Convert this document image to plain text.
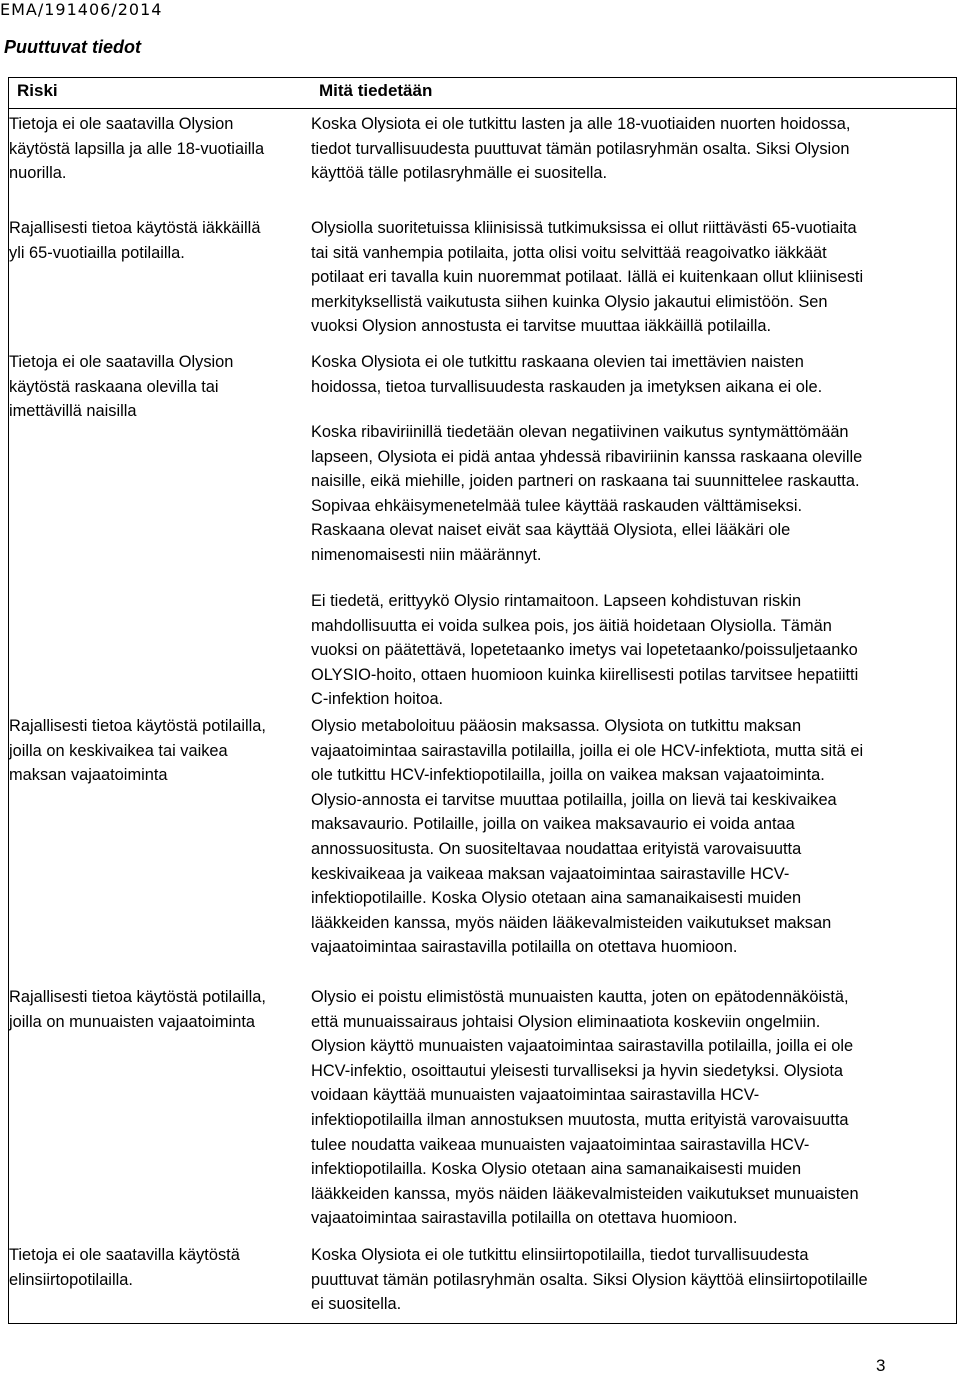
EMA/191406/2014
Puuttuvat tiedot
Riski	Mitä tiedetään

Tietoja ei ole saatavilla Olysion
käytöstä lapsilla ja alle 18-vuotiailla
nuorilla.

Koska Olysiota ei ole tutkittu lasten ja alle 18-vuotiaiden nuorten hoidossa,
tiedot turvallisuudesta puuttuvat tämän potilasryhmän osalta. Siksi Olysion
käyttöä tälle potilasryhmälle ei suositella.

Rajallisesti tietoa käytöstä iäkkäillä
yli 65-vuotiailla potilailla.

Olysiolla suoritetuissa kliinisissä tutkimuksissa ei ollut riittävästi 65-vuotiaita
tai sitä vanhempia potilaita, jotta olisi voitu selvittää reagoivatko iäkkäät
potilaat eri tavalla kuin nuoremmat potilaat. Iällä ei kuitenkaan ollut kliinisesti
merkityksellistä vaikutusta siihen kuinka Olysio jakautui elimistöön. Sen
vuoksi Olysion annostusta ei tarvitse muuttaa iäkkäillä potilailla.

Tietoja ei ole saatavilla Olysion
käytöstä raskaana olevilla tai
imettävillä naisilla

Koska Olysiota ei ole tutkittu raskaana olevien tai imettävien naisten
hoidossa, tietoa turvallisuudesta raskauden ja imetyksen aikana ei ole.

Koska ribaviriinillä tiedetään olevan negatiivinen vaikutus syntymättömään
lapseen, Olysiota ei pidä antaa yhdessä ribaviriinin kanssa raskaana oleville
naisille, eikä miehille, joiden partneri on raskaana tai suunnittelee raskautta.
Sopivaa ehkäisymenetelmää tulee käyttää raskauden välttämiseksi.
Raskaana olevat naiset eivät saa käyttää Olysiota, ellei lääkäri ole
nimenomaisesti niin määrännyt.

Ei tiedetä, erittyykö Olysio rintamaitoon. Lapseen kohdistuvan riskin
mahdollisuutta ei voida sulkea pois, jos äitiä hoidetaan Olysiolla. Tämän
vuoksi on päätettävä, lopetetaanko imetys vai lopetetaanko/poissuljetaanko
OLYSIO-hoito, ottaen huomioon kuinka kiirellisesti potilas tarvitsee hepatiitti
C-infektion hoitoa.

Rajallisesti tietoa käytöstä potilailla,
joilla on keskivaikea tai vaikea
maksan vajaatoiminta

Olysio metaboloituu pääosin maksassa. Olysiota on tutkittu maksan
vajaatoimintaa sairastavilla potilailla, joilla ei ole HCV-infektiota, mutta sitä ei
ole tutkittu HCV-infektiopotilailla, joilla on vaikea maksan vajaatoiminta.
Olysio-annosta ei tarvitse muuttaa potilailla, joilla on lievä tai keskivaikea
maksavaurio. Potilaille, joilla on vaikea maksavaurio ei voida antaa
annossuositusta. On suositeltavaa noudattaa erityistä varovaisuutta
keskivaikeaa ja vaikeaa maksan vajaatoimintaa sairastaville HCV-
infektiopotilaille. Koska Olysio otetaan aina samanaikaisesti muiden
lääkkeiden kanssa, myös näiden lääkevalmisteiden vaikutukset maksan
vajaatoimintaa sairastavilla potilailla on otettava huomioon.

Rajallisesti tietoa käytöstä potilailla,
joilla on munuaisten vajaatoiminta

Olysio ei poistu elimistöstä munuaisten kautta, joten on epätodennäköistä,
että munuaissairaus johtaisi Olysion eliminaatiota koskeviin ongelmiin.
Olysion käyttö munuaisten vajaatoimintaa sairastavilla potilailla, joilla ei ole
HCV-infektio, osoittautui yleisesti turvalliseksi ja hyvin siedetyksi. Olysiota
voidaan käyttää munuaisten vajaatoimintaa sairastavilla HCV-
infektiopotilailla ilman annostuksen muutosta, mutta erityistä varovaisuutta
tulee noudatta vaikeaa munuaisten vajaatoimintaa sairastavilla HCV-
infektiopotilailla. Koska Olysio otetaan aina samanaikaisesti muiden
lääkkeiden kanssa, myös näiden lääkevalmisteiden vaikutukset munuaisten
vajaatoimintaa sairastavilla potilailla on otettava huomioon.

Tietoja ei ole saatavilla käytöstä
elinsiirtopotilailla.

Koska Olysiota ei ole tutkittu elinsiirtopotilailla, tiedot turvallisuudesta
puuttuvat tämän potilasryhmän osalta. Siksi Olysion käyttöä elinsiirtopotilaille
ei suositella.

3
